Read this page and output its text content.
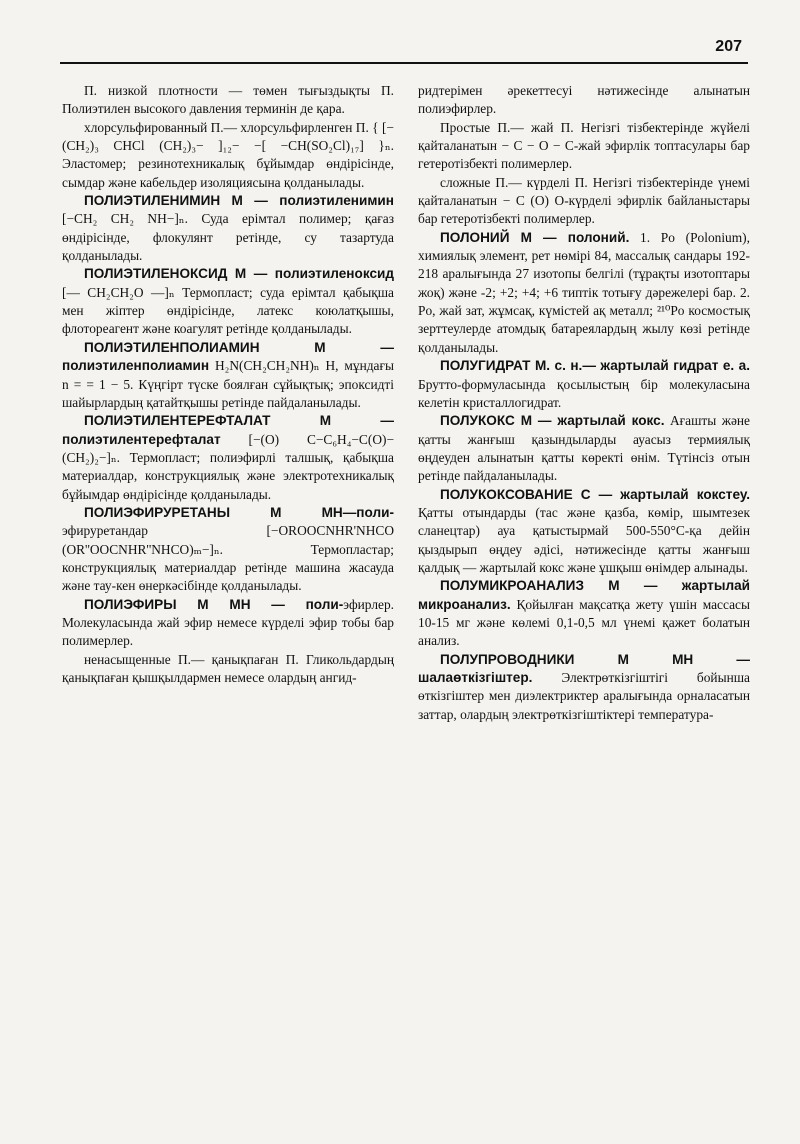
207

П. низкой плотности — төмен тығыздықты П. Полиэтилен высокого давления терминін де қара.

хлорсульфированный П.— хлорсульфирленген П. { [−(CH₂)₃ CHCl (CH₂)₃− ]₁₂− −[ −CH(SO₂Cl)₁₇] }ₙ. Эластомер; резинотехникалық бұйымдар өндірісінде, сымдар және кабельдер изоляциясына қолданылады.

ПОЛИЭТИЛЕНИМИН М — полиэтиленимин [−CH₂ CH₂ NH−]ₙ. Суда ерімтал полимер; қағаз өндірісінде, флокулянт ретінде, су тазартуда қолданылады.

ПОЛИЭТИЛЕНОКСИД М — полиэтиленоксид [— CH₂CH₂O —]ₙ Термопласт; суда ерімтал қабықша мен жіптер өндірісінде, латекс коюлатқышы, флотореагент және коагулят ретінде қолданылады.

ПОЛИЭТИЛЕНПОЛИАМИН М — полиэтиленполиамин H₂N(CH₂CH₂NH)ₙ H, мұндағы n = = 1 − 5. Күңгірт түске боялған сұйықтық; эпоксидті шайырлардың қатайтқышы ретінде пайдаланылады.

ПОЛИЭТИЛЕНТЕРЕФТАЛАТ М — полиэтилентерефталат [−(O) C−C₆H₄−C(O)−(CH₂)₂−]ₙ. Термопласт; полиэфирлі талшық, қабықша материалдар, конструкциялық және электротехникалық бұйымдар өндірісінде қолданылады.

ПОЛИЭФИРУРЕТАНЫ М МН—поли-эфируретандар [−OROOCNHR'NHCO (OR''OOCNHR''NHCO)ₘ−]ₙ. Термопластар; конструкциялық материалдар ретінде машина жасауда және тау-кен өнеркәсібінде қолданылады.

ПОЛИЭФИРЫ М МН — поли-эфирлер. Молекуласында жай эфир немесе күрделі эфир тобы бар полимерлер.

ненасыщенные П.— қанықпаған П. Гликольдардың қанықпаған қышқылдармен немесе олардың ангид-

ридтерімен әрекеттесуі нәтижесінде алынатын полиэфирлер.

Простые П.— жай П. Негізгі тізбектерінде жүйелі қайталанатын − С − О − С-жай эфирлік топтасулары бар гетеротізбекті полимерлер.

сложные П.— күрделі П. Негізгі тізбектерінде үнемі қайталанатын − С (О) О-күрделі эфирлік байланыстары бар гетеротізбекті полимерлер.

ПОЛОНИЙ М — полоний. 1. Po (Polonium), химиялық элемент, рет нөмірі 84, массалық сандары 192-218 аралығында 27 изотопы белгілі (тұрақты изотоптары жоқ) және -2; +2; +4; +6 типтік тотығу дәрежелері бар. 2. Po, жай зат, жұмсақ, күмістей ақ металл; ²¹⁰Po космостық зерттеулерде атомдық батареялардың жылу көзі ретінде қолданылады.

ПОЛУГИДРАТ М. с. н.— жартылай гидрат е. а. Брутто-формуласында қосылыстың бір молекуласына келетін кристаллогидрат.

ПОЛУКОКС М — жартылай кокс. Ағашты және қатты жанғыш қазындыларды ауасыз термиялық өңдеуден алынатын қатты көректі өнім. Түтінсіз отын ретінде пайдаланылады.

ПОЛУКОКСОВАНИЕ С — жартылай кокстеу. Қатты отындарды (тас және қазба, көмір, шымтезек сланецтар) ауа қатыстырмай 500-550°С-қа дейін қыздырып өңдеу әдісі, нәтижесінде қатты жанғыш қалдық — жартылай кокс және ұшқыш өнімдер алынады.

ПОЛУМИКРОАНАЛИЗ М — жартылай микроанализ. Қойылған мақсатқа жету үшін массасы 10-15 мг және көлемі 0,1-0,5 мл үнемі қажет болатын анализ.

ПОЛУПРОВОДНИКИ М МН — шалаөткізгіштер. Электрөткізгіштігі бойынша өткізгіштер мен диэлектриктер аралығында орналасатын заттар, олардың электрөткізгіштіктері температура-
